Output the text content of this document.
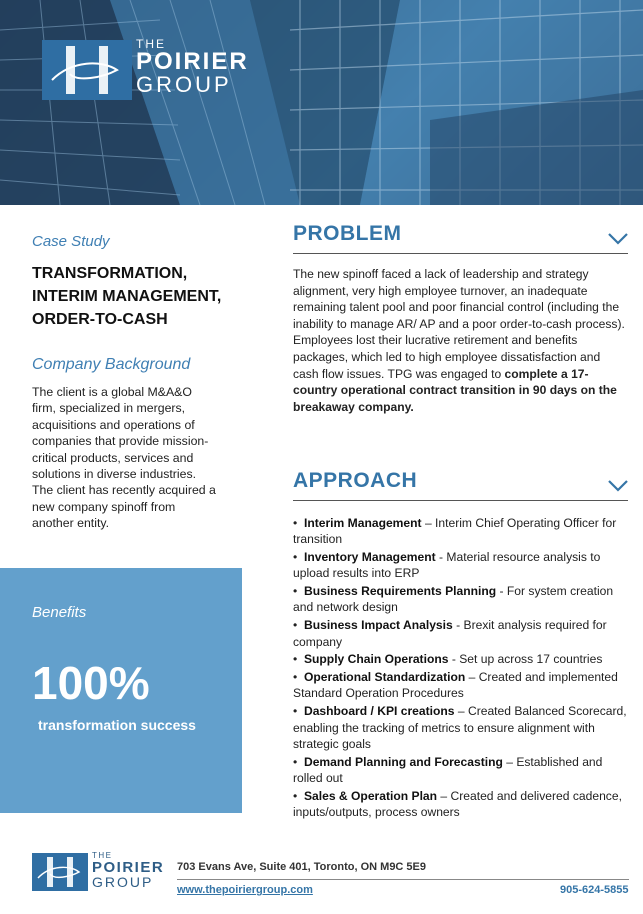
THE
POIRIER
GROUP
Case Study
TRANSFORMATION,
INTERIM MANAGEMENT,
ORDER-TO-CASH
Company Background
The client is a global M&A&O firm, specialized in mergers, acquisitions and operations of companies that provide mission-critical products, services and solutions in diverse industries. The client has recently acquired a new company spinoff from another entity.
Benefits
100%
transformation success
PROBLEM
The new spinoff faced a lack of leadership and strategy alignment, very high employee turnover, an inadequate remaining talent pool and poor financial control (including the inability to manage AR/ AP and a poor order-to-cash process). Employees lost their lucrative retirement and benefits packages, which led to high employee dissatisfaction and cash flow issues. TPG was engaged to complete a 17-country operational contract transition in 90 days on the breakaway company.
APPROACH
•  Interim Management – Interim Chief Operating Officer for transition
•  Inventory Management - Material resource analysis to upload results into ERP
•  Business Requirements Planning - For system creation and network design
•  Business Impact Analysis - Brexit analysis required for company
•  Supply Chain Operations - Set up across 17 countries
•  Operational Standardization – Created and implemented Standard Operation Procedures
•  Dashboard / KPI creations – Created Balanced Scorecard, enabling the tracking of metrics to ensure alignment with strategic goals
•  Demand Planning and Forecasting – Established and rolled out
•  Sales & Operation Plan – Created and delivered cadence, inputs/outputs, process owners
THE
POIRIER
GROUP
703 Evans Ave, Suite 401, Toronto, ON M9C 5E9
www.thepoiriergroup.com	905-624-5855
